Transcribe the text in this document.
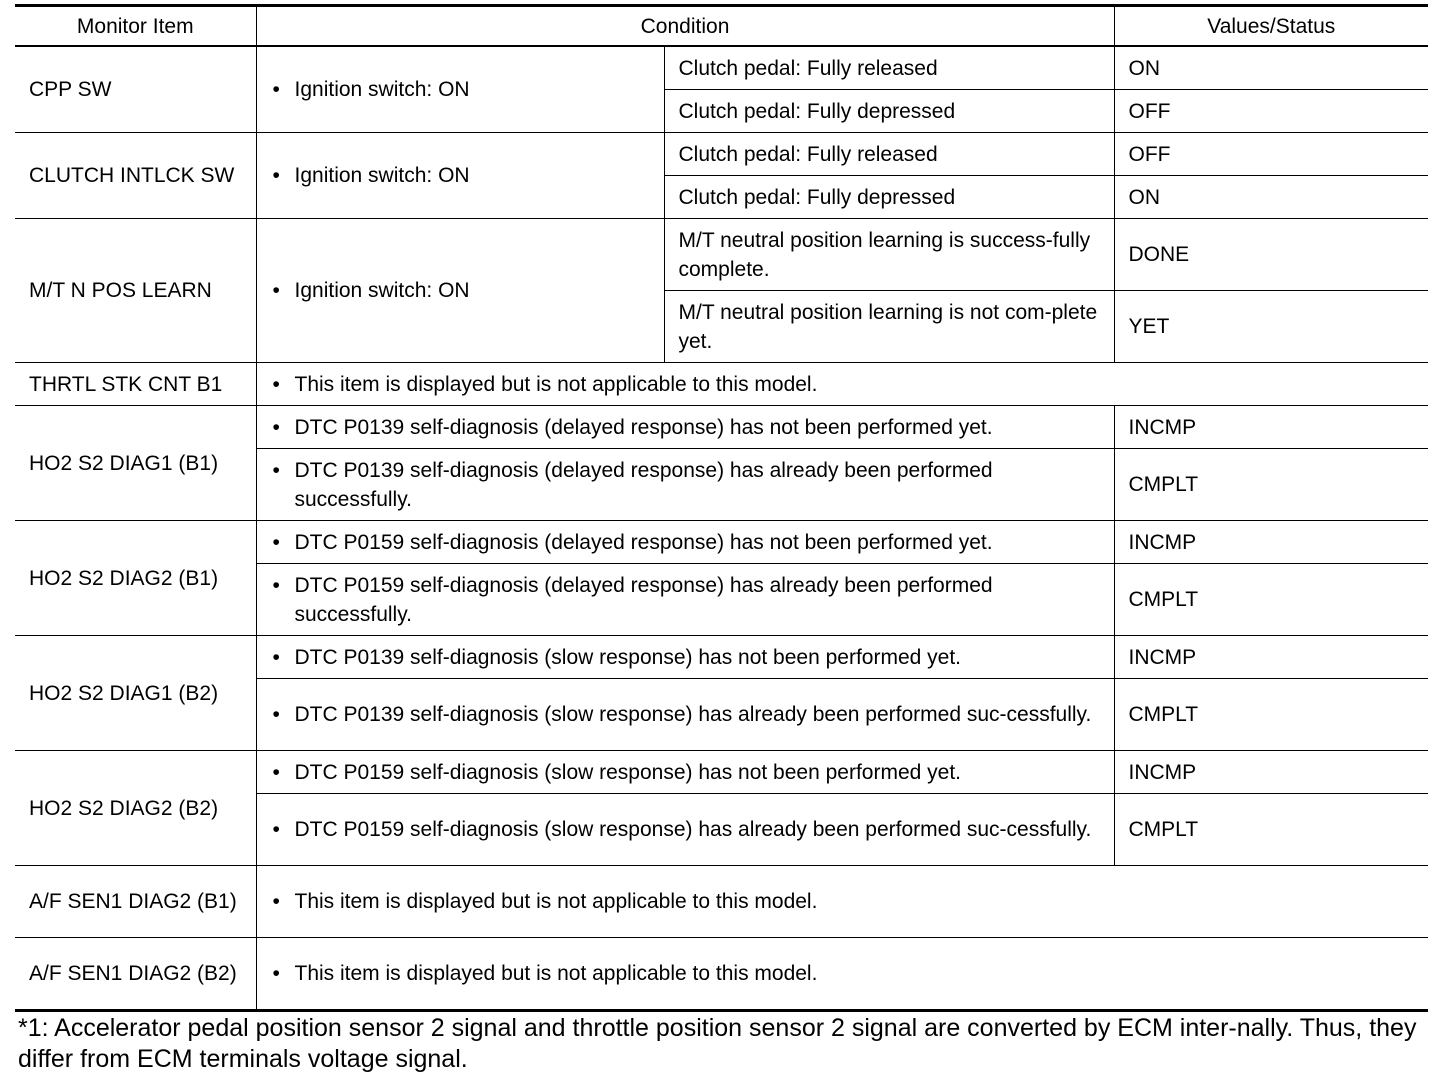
Monitor Item	Condition		Values/Status
CPP SW	• Ignition switch: ON	Clutch pedal: Fully released	ON
		Clutch pedal: Fully depressed	OFF
CLUTCH INTLCK SW	• Ignition switch: ON	Clutch pedal: Fully released	OFF
		Clutch pedal: Fully depressed	ON
M/T N POS LEARN	• Ignition switch: ON	M/T neutral position learning is success-fully complete.	DONE
		M/T neutral position learning is not com-plete yet.	YET
THRTL STK CNT B1	• This item is displayed but is not applicable to this model.

HO2 S2 DIAG1 (B1)	• DTC P0139 self-diagnosis (delayed response) has not been performed yet.		INCMP

	• DTC P0139 self-diagnosis (delayed response) has already been performed successfully.		CMPLT
HO2 S2 DIAG2 (B1)	• DTC P0159 self-diagnosis (delayed response) has not been performed yet.		INCMP

	• DTC P0159 self-diagnosis (delayed response) has already been performed successfully.		CMPLT
HO2 S2 DIAG1 (B2)	• DTC P0139 self-diagnosis (slow response) has not been performed yet.		INCMP

	• DTC P0139 self-diagnosis (slow response) has already been performed suc-cessfully.		CMPLT
HO2 S2 DIAG2 (B2)	• DTC P0159 self-diagnosis (slow response) has not been performed yet.		INCMP

	• DTC P0159 self-diagnosis (slow response) has already been performed suc-cessfully.		CMPLT
A/F SEN1 DIAG2 (B1)	• This item is displayed but is not applicable to this model.

A/F SEN1 DIAG2 (B2)	• This item is displayed but is not applicable to this model.
*1: Accelerator pedal position sensor 2 signal and throttle position sensor 2 signal are converted by ECM inter-nally. Thus, they differ from ECM terminals voltage signal.
